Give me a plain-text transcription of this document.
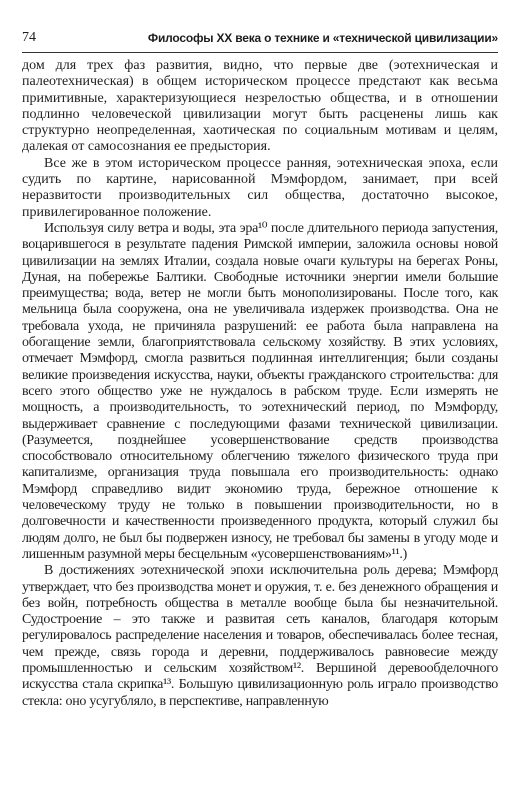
74	Философы XX века о технике и «технической цивилизации»

дом для трех фаз развития, видно, что первые две (эотехническая и палеотехническая) в общем историческом процессе предстают как весьма примитивные, характеризующиеся незрелостью общества, и в отношении подлинно человеческой цивилизации могут быть расценены лишь как структурно неопределенная, хаотическая по социальным мотивам и целям, далекая от самосознания ее предыстория.

Все же в этом историческом процессе ранняя, эотехническая эпоха, если судить по картине, нарисованной Мэмфордом, занимает, при всей неразвитости производительных сил общества, достаточно высокое, привилегированное положение.

Используя силу ветра и воды, эта эра¹⁰ после длительного периода запустения, воцарившегося в результате падения Римской империи, заложила основы новой цивилизации на землях Италии, создала новые очаги культуры на берегах Роны, Дуная, на побережье Балтики. Свободные источники энергии имели большие преимущества; вода, ветер не могли быть монополизированы. После того, как мельница была сооружена, она не увеличивала издержек производства. Она не требовала ухода, не причиняла разрушений: ее работа была направлена на обогащение земли, благоприятствовала сельскому хозяйству. В этих условиях, отмечает Мэмфорд, смогла развиться подлинная интеллигенция; были созданы великие произведения искусства, науки, объекты гражданского строительства: для всего этого общество уже не нуждалось в рабском труде. Если измерять не мощность, а производительность, то эотехнический период, по Мэмфорду, выдерживает сравнение с последующими фазами технической цивилизации. (Разумеется, позднейшее усовершенствование средств производства способствовало относительному облегчению тяжелого физического труда при капитализме, организация труда повышала его производительность: однако Мэмфорд справедливо видит экономию труда, бережное отношение к человеческому труду не только в повышении производительности, но в долговечности и качественности произведенного продукта, который служил бы людям долго, не был бы подвержен износу, не требовал бы замены в угоду моде и лишенным разумной меры бесцельным «усовершенствованиям»¹¹.)

В достижениях эотехнической эпохи исключительна роль дерева; Мэмфорд утверждает, что без производства монет и оружия, т. е. без денежного обращения и без войн, потребность общества в металле вообще была бы незначительной. Судостроение – это также и развитая сеть каналов, благодаря которым регулировалось распределение населения и товаров, обеспечивалась более тесная, чем прежде, связь города и деревни, поддерживалось равновесие между промышленностью и сельским хозяйством¹². Вершиной деревообделочного искусства стала скрипка¹³. Большую цивилизационную роль играло производство стекла: оно усугубляло, в перспективе, направленную
